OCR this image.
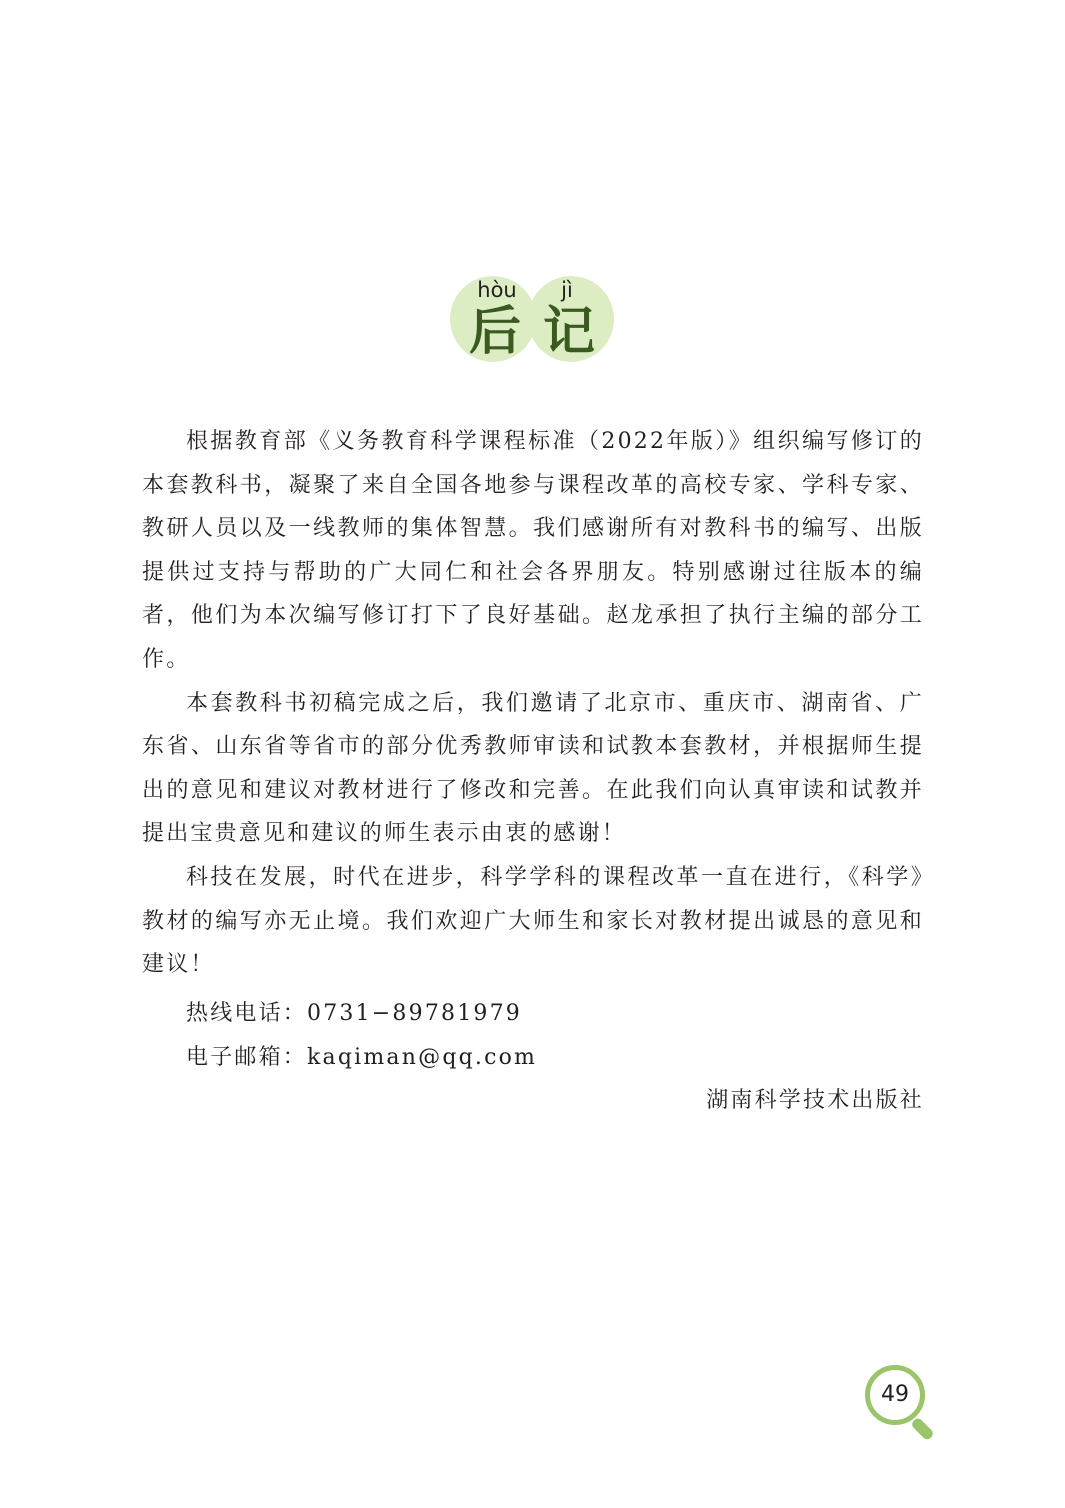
hòu	jì
后 记

根据教育部《义务教育科学课程标准（2022年版）》组织编写修订的本套教科书，凝聚了来自全国各地参与课程改革的高校专家、学科专家、教研人员以及一线教师的集体智慧。我们感谢所有对教科书的编写、出版提供过支持与帮助的广大同仁和社会各界朋友。特别感谢过往版本的编者，他们为本次编写修订打下了良好基础。赵龙承担了执行主编的部分工作。

本套教科书初稿完成之后，我们邀请了北京市、重庆市、湖南省、广东省、山东省等省市的部分优秀教师审读和试教本套教材，并根据师生提出的意见和建议对教材进行了修改和完善。在此我们向认真审读和试教并提出宝贵意见和建议的师生表示由衷的感谢！

科技在发展，时代在进步，科学学科的课程改革一直在进行，《科学》教材的编写亦无止境。我们欢迎广大师生和家长对教材提出诚恳的意见和建议！

热线电话：0731−89781979
电子邮箱：kaqiman@qq.com
湖南科学技术出版社
49
